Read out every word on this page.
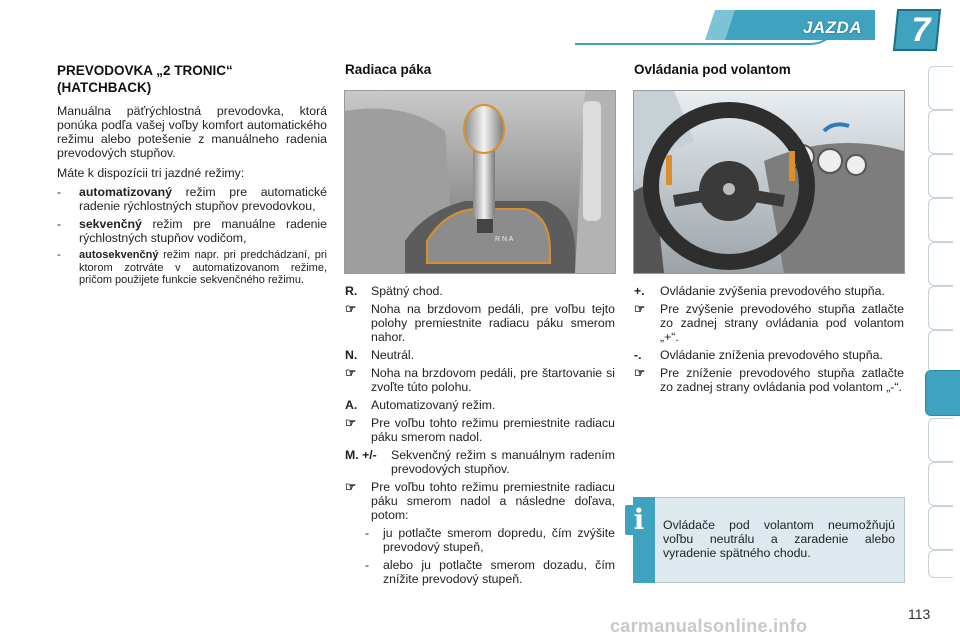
JAZDA	7
PREVODOVKA „2 TRONIC“ (HATCHBACK)

Manuálna päťrýchlostná prevodovka, ktorá ponúka podľa vašej voľby komfort automatického režimu alebo potešenie z manuálneho radenia prevodových stupňov.

Máte k dispozícii tri jazdné režimy:

-	automatizovaný režim pre automatické radenie rýchlostných stupňov prevodovkou,
-	sekvenčný režim pre manuálne radenie rýchlostných stupňov vodičom,
-	autosekvenčný režim napr. pri predchádzaní, pri ktorom zotrváte v automatizovanom režime, pričom použijete funkcie sekvenčného režimu.
Radiaca páka
R N A
R.	Spätný chod.
☞	Noha na brzdovom pedáli, pre voľbu tejto polohy premiestnite radiacu páku smerom nahor.
N.	Neutrál.
☞	Noha na brzdovom pedáli, pre štartovanie si zvoľte túto polohu.
A.	Automatizovaný režim.
☞	Pre voľbu tohto režimu premiestnite radiacu páku smerom nadol.
M. +/-	Sekvenčný režim s manuálnym radením prevodových stupňov.
☞	Pre voľbu tohto režimu premiestnite radiacu páku smerom nadol a následne doľava, potom:
-	ju potlačte smerom dopredu, čím zvýšite prevodový stupeň,
-	alebo ju potlačte smerom dozadu, čím znížite prevodový stupeň.
Ovládania pod volantom
+.	Ovládanie zvýšenia prevodového stupňa.
☞	Pre zvýšenie prevodového stupňa zatlačte zo zadnej strany ovládania pod volantom „+“.
-.	Ovládanie zníženia prevodového stupňa.
☞	Pre zníženie prevodového stupňa zatlačte zo zadnej strany ovládania pod volantom „-“.
i	Ovládače pod volantom neumožňujú voľbu neutrálu a zaradenie alebo vyradenie spätného chodu.
113
carmanualsonline.info
